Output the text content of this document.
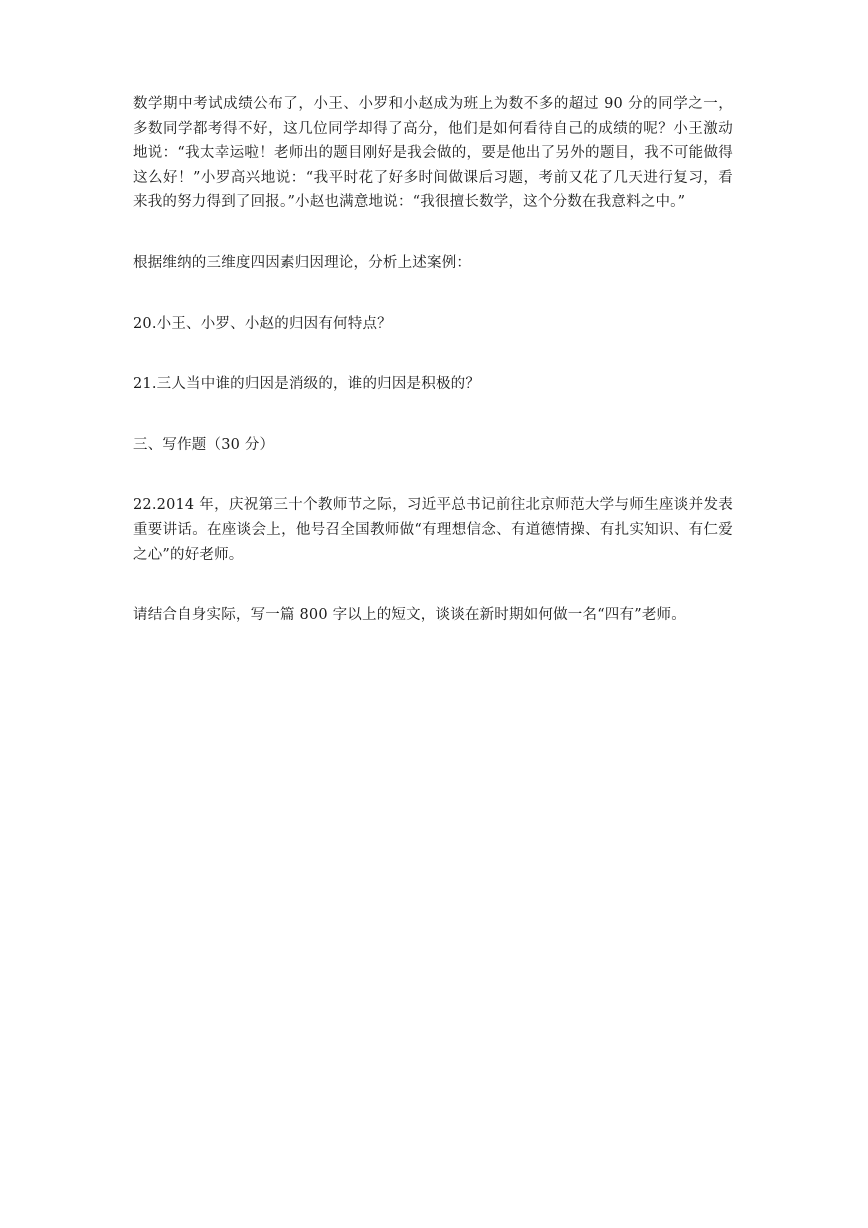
数学期中考试成绩公布了，小王、小罗和小赵成为班上为数不多的超过 90 分的同学之一，多数同学都考得不好，这几位同学却得了高分，他们是如何看待自己的成绩的呢？小王激动地说：“我太幸运啦！老师出的题目刚好是我会做的，要是他出了另外的题目，我不可能做得这么好！”小罗高兴地说：“我平时花了好多时间做课后习题，考前又花了几天进行复习，看来我的努力得到了回报。”小赵也满意地说：“我很擅长数学，这个分数在我意料之中。”

根据维纳的三维度四因素归因理论，分析上述案例：

20.小王、小罗、小赵的归因有何特点？

21.三人当中谁的归因是消级的，谁的归因是积极的？

三、写作题（30 分）

22.2014 年，庆祝第三十个教师节之际，习近平总书记前往北京师范大学与师生座谈并发表重要讲话。在座谈会上，他号召全国教师做“有理想信念、有道德情操、有扎实知识、有仁爱之心”的好老师。

请结合自身实际，写一篇 800 字以上的短文，谈谈在新时期如何做一名“四有”老师。
